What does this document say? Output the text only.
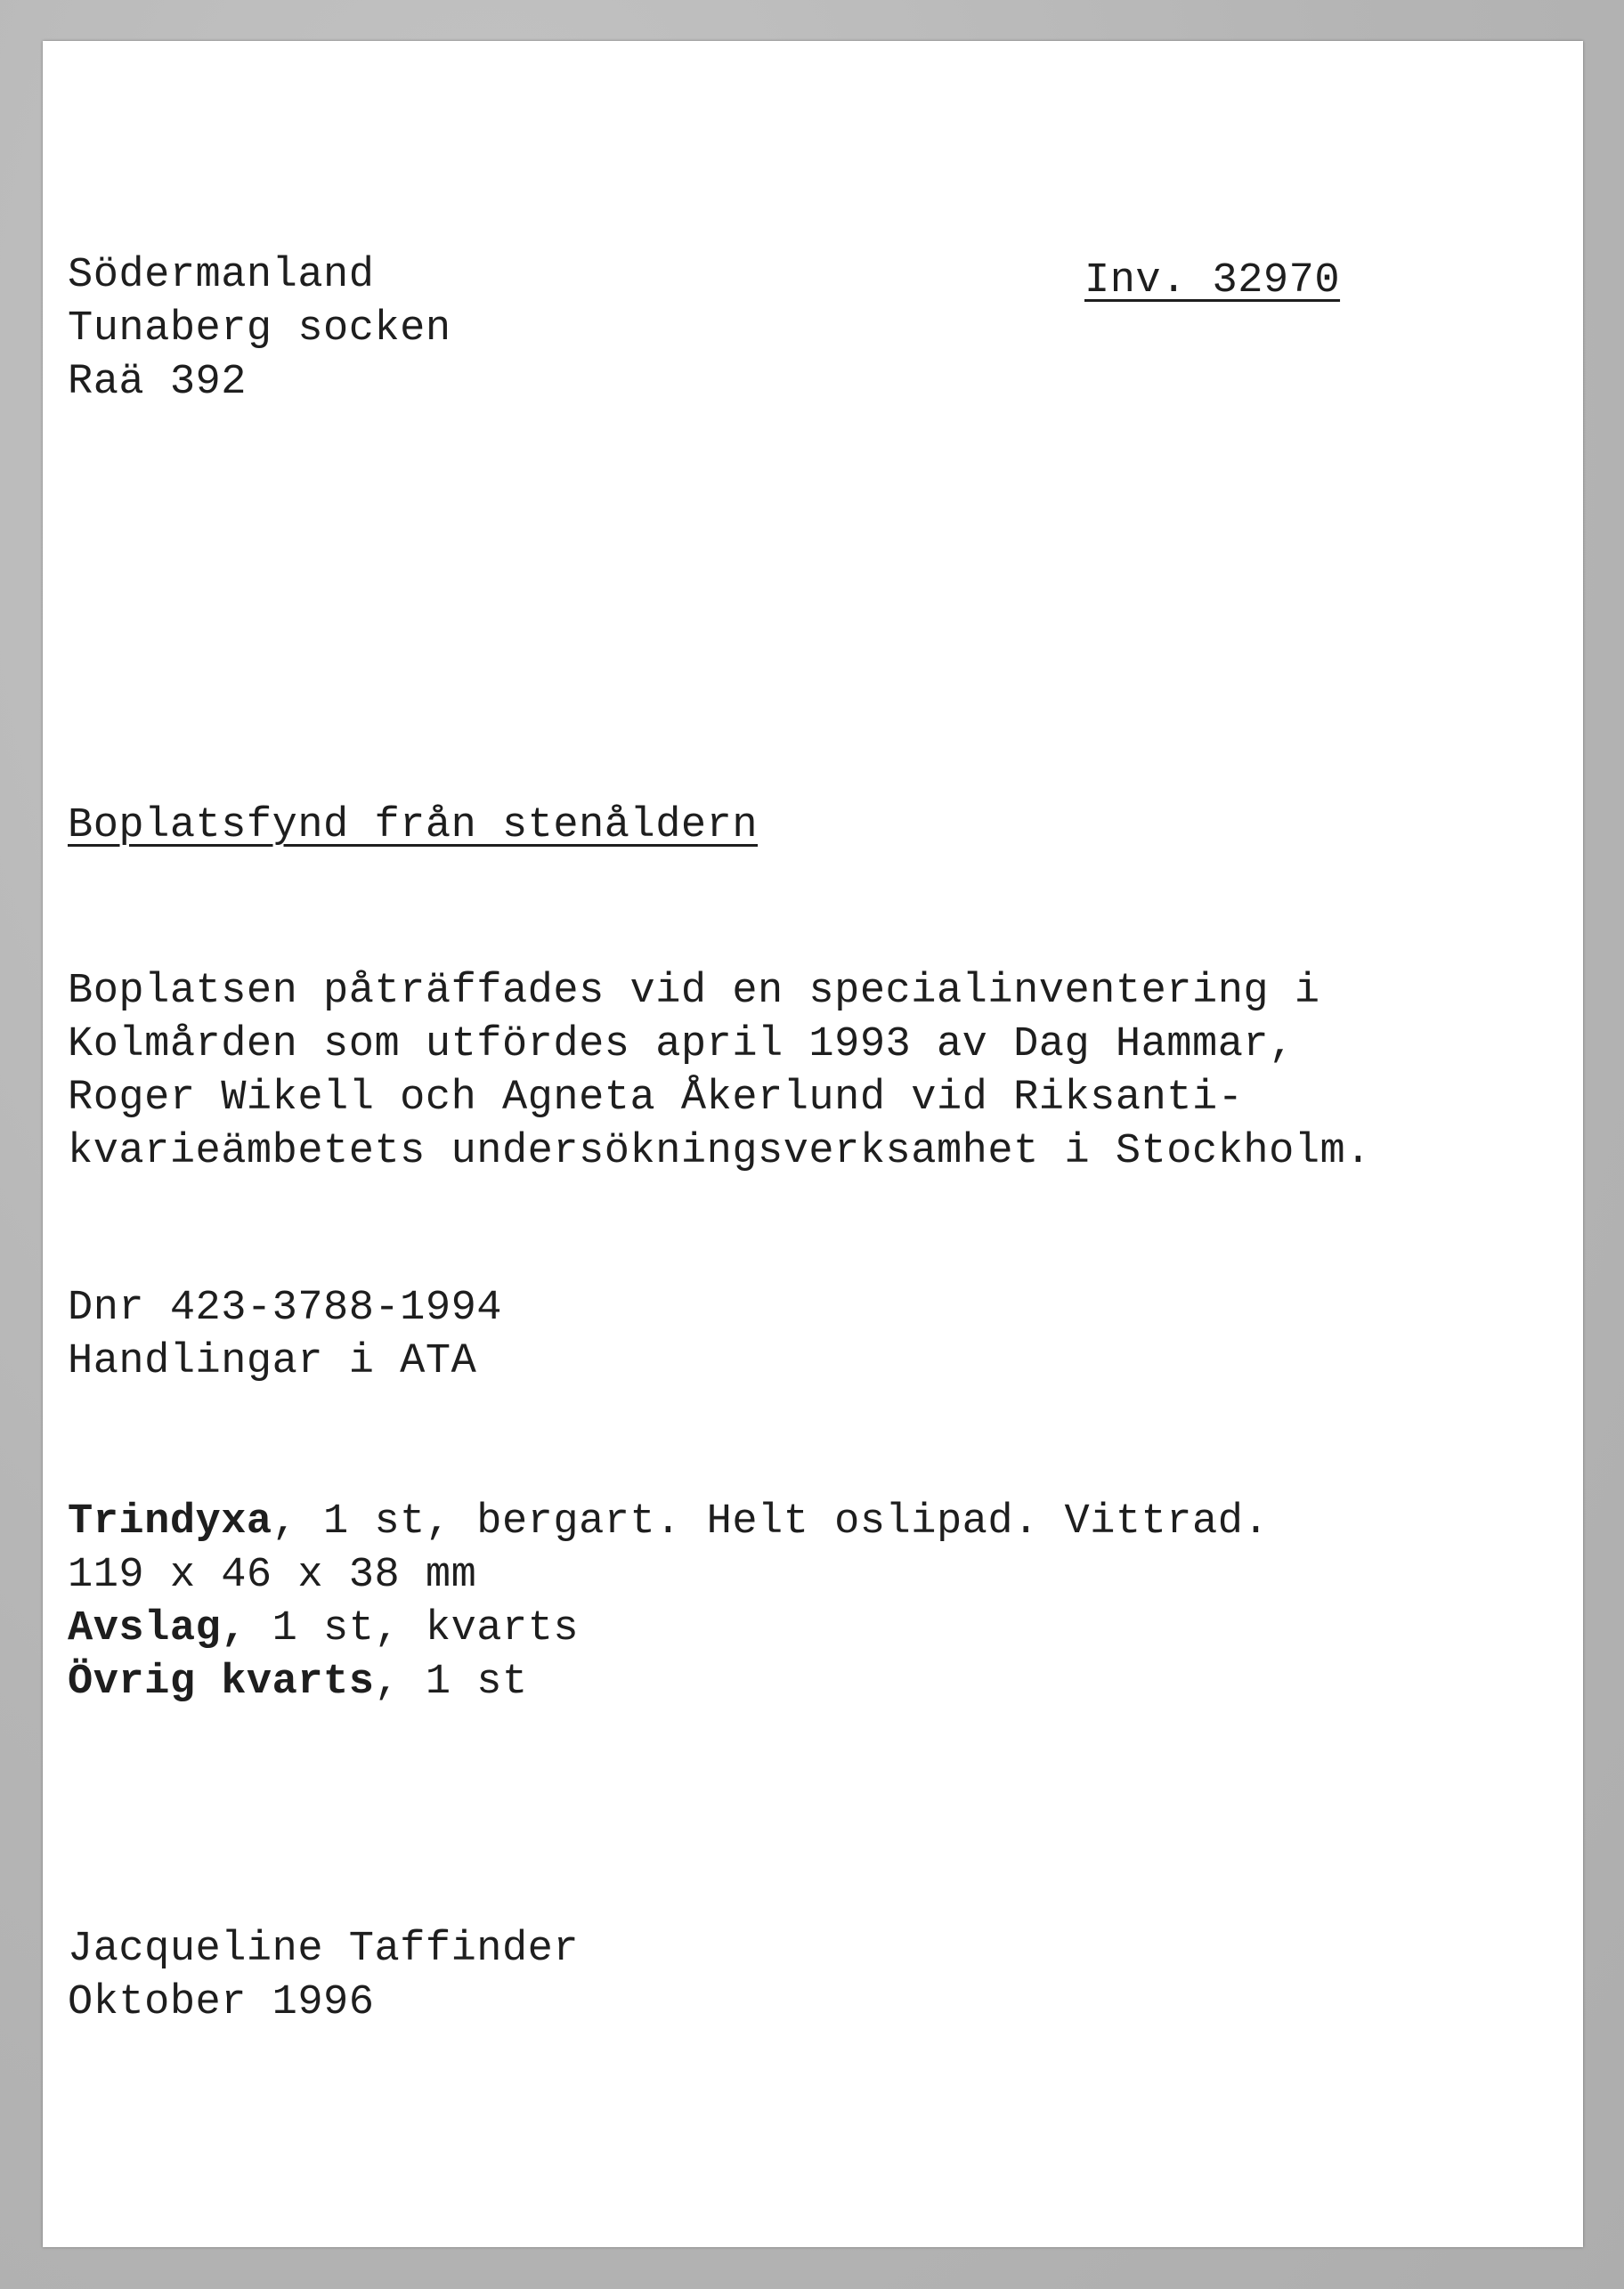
Södermanland
Tunaberg socken
Raä 392
Inv. 32970
Boplatsfynd från stenåldern
Boplatsen påträffades vid en specialinventering i
Kolmården som utfördes april 1993 av Dag Hammar,
Roger Wikell och Agneta Åkerlund vid Riksanti-
kvarieämbetets undersökningsverksamhet i Stockholm.
Dnr 423-3788-1994
Handlingar i ATA
Trindyxa, 1 st, bergart. Helt oslipad. Vittrad.
119 x 46 x 38 mm
Avslag, 1 st, kvarts
Övrig kvarts, 1 st
Jacqueline Taffinder
Oktober 1996
